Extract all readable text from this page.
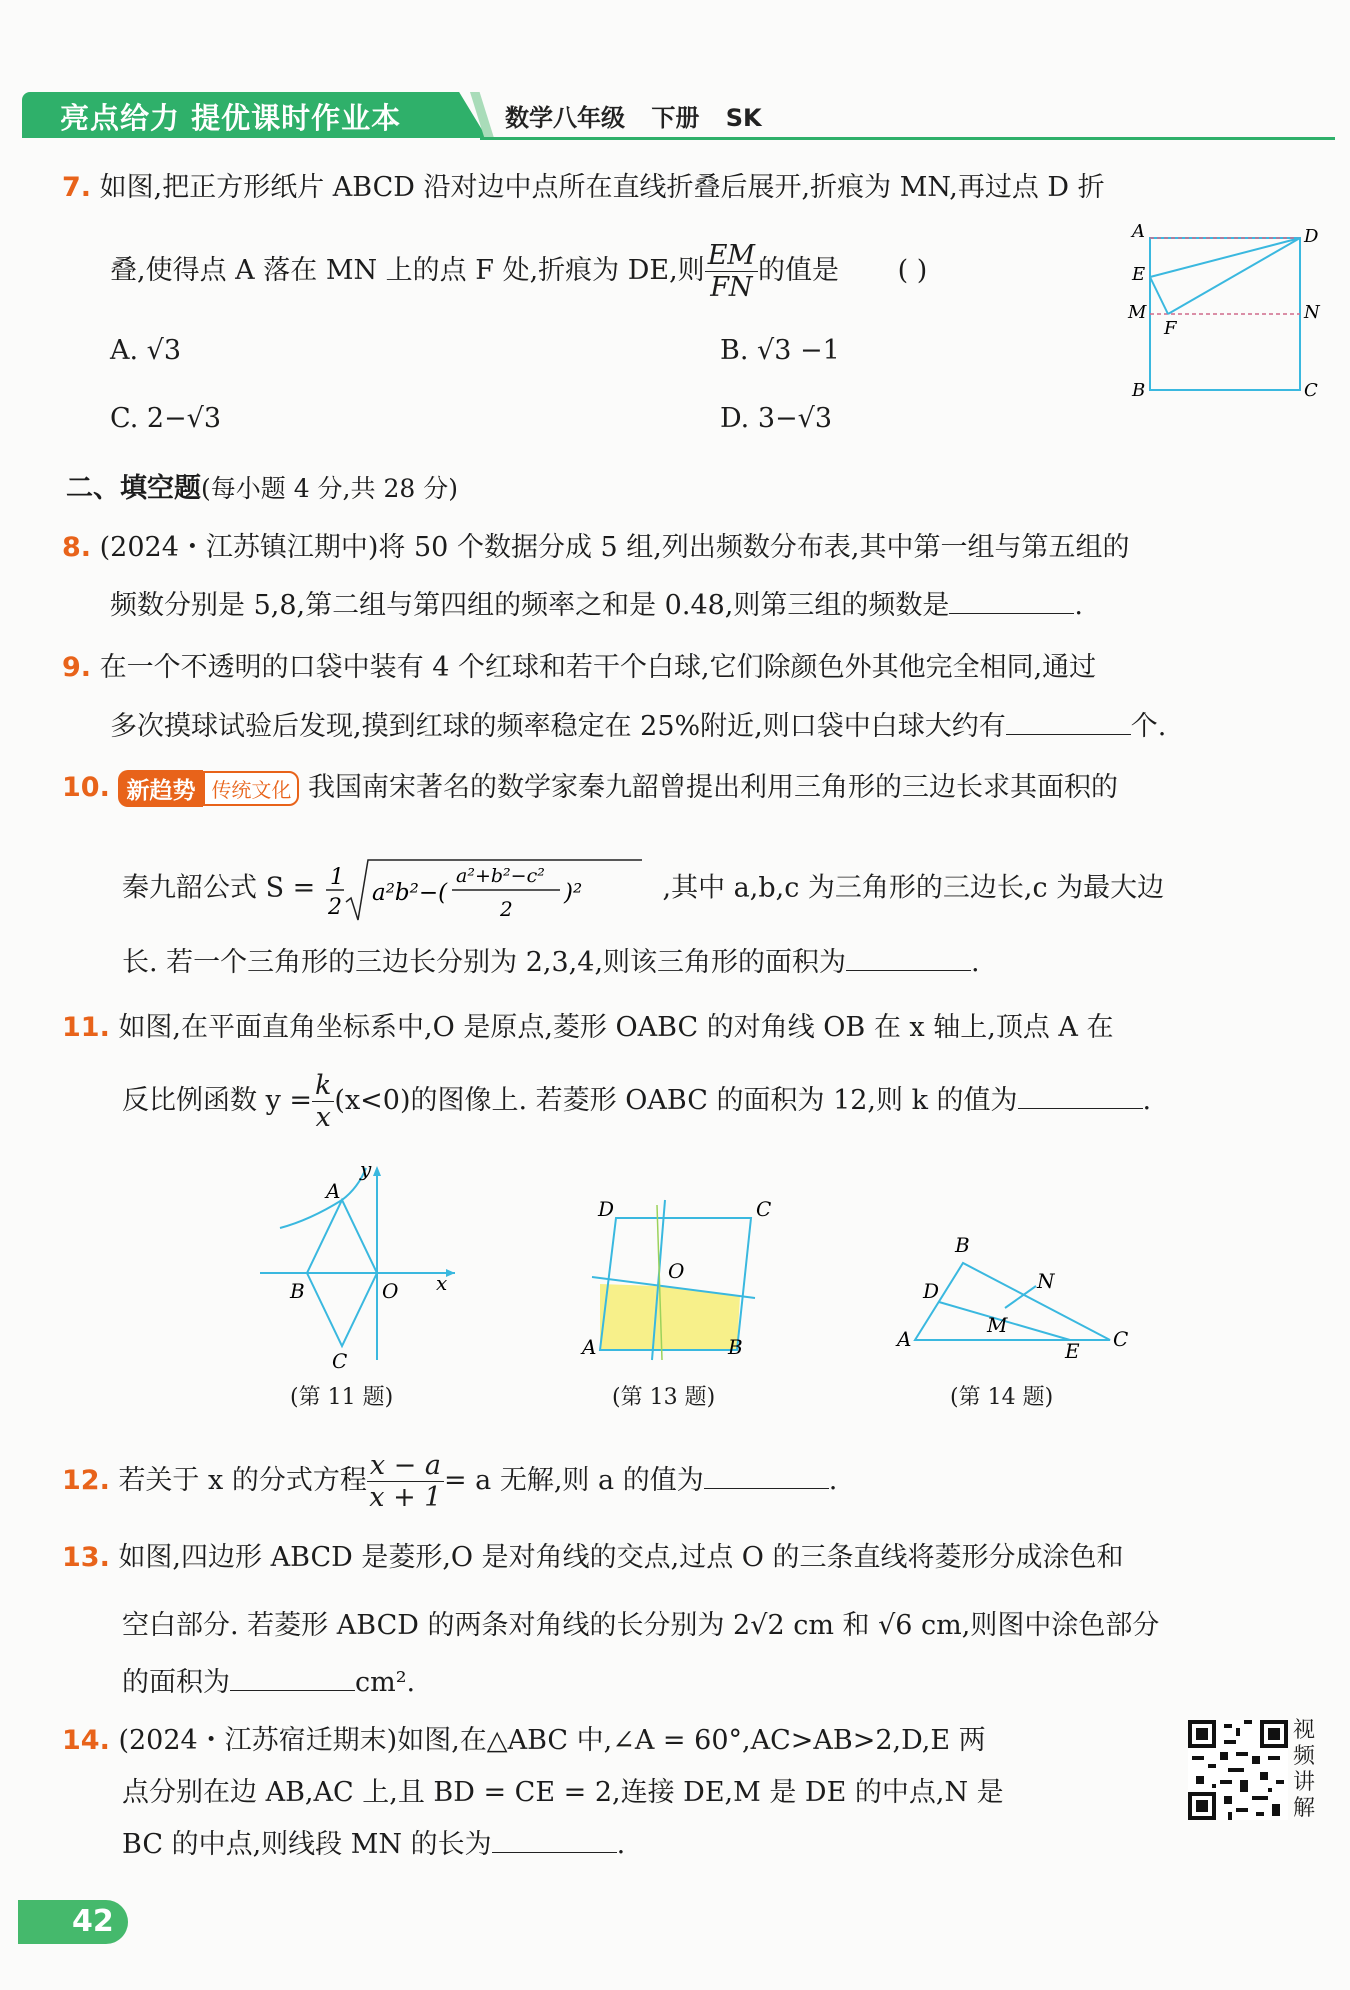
亮点给力 提优课时作业本	数学八年级 下册 SK
7. 如图,把正方形纸片 ABCD 沿对边中点所在直线折叠后展开,折痕为 MN,再过点 D 折
叠,使得点 A 落在 MN 上的点 F 处,折痕为 DE,则 $\frac{EM}{FN}$ 的值是 ( )
A. √3	B. √3 −1
C. 2−√3	D. 3−√3
A	D
E
M	N
F
B	C
二、填空题(每小题 4 分,共 28 分)
8. (2024・江苏镇江期中)将 50 个数据分成 5 组,列出频数分布表,其中第一组与第五组的
频数分别是 5,8,第二组与第四组的频率之和是 0.48,则第三组的频数是	.
9. 在一个不透明的口袋中装有 4 个红球和若干个白球,它们除颜色外其他完全相同,通过
多次摸球试验后发现,摸到红球的频率稳定在 25%附近,则口袋中白球大约有	个.
10. 新趋势 传统文化 我国南宋著名的数学家秦九韶曾提出利用三角形的三边长求其面积的
秦九韶公式 S = 1
2
a²b²−(
a²+b²−c²
2
)²	,其中 a,b,c 为三角形的三边长,c 为最大边
长. 若一个三角形的三边长分别为 2,3,4,则该三角形的面积为	.
11. 如图,在平面直角坐标系中,O 是原点,菱形 OABC 的对角线 OB 在 x 轴上,顶点 A 在
反比例函数 $y = \frac{k}{x} (x<0)$的图像上. 若菱形 OABC 的面积为 12,则 k 的值为	.
A
B	O
C
x
y
(第 11 题)
D	C
O
A	B
(第 13 题)
B
D	N
M
A	E C
(第 14 题)
12. 若关于 x 的分式方程 $\frac{x - a}{x + 1} = a$ 无解,则 a 的值为	.
13. 如图,四边形 ABCD 是菱形,O 是对角线的交点,过点 O 的三条直线将菱形分成涂色和
空白部分. 若菱形 ABCD 的两条对角线的长分别为 2√2 cm 和 √6 cm,则图中涂色部分
的面积为	cm².
14. (2024・江苏宿迁期末)如图,在△ABC 中,∠A = 60°,AC>AB>2,D,E 两
点分别在边 AB,AC 上,且 BD = CE = 2,连接 DE,M 是 DE 的中点,N 是
BC 的中点,则线段 MN 的长为	.
视频讲解
42
